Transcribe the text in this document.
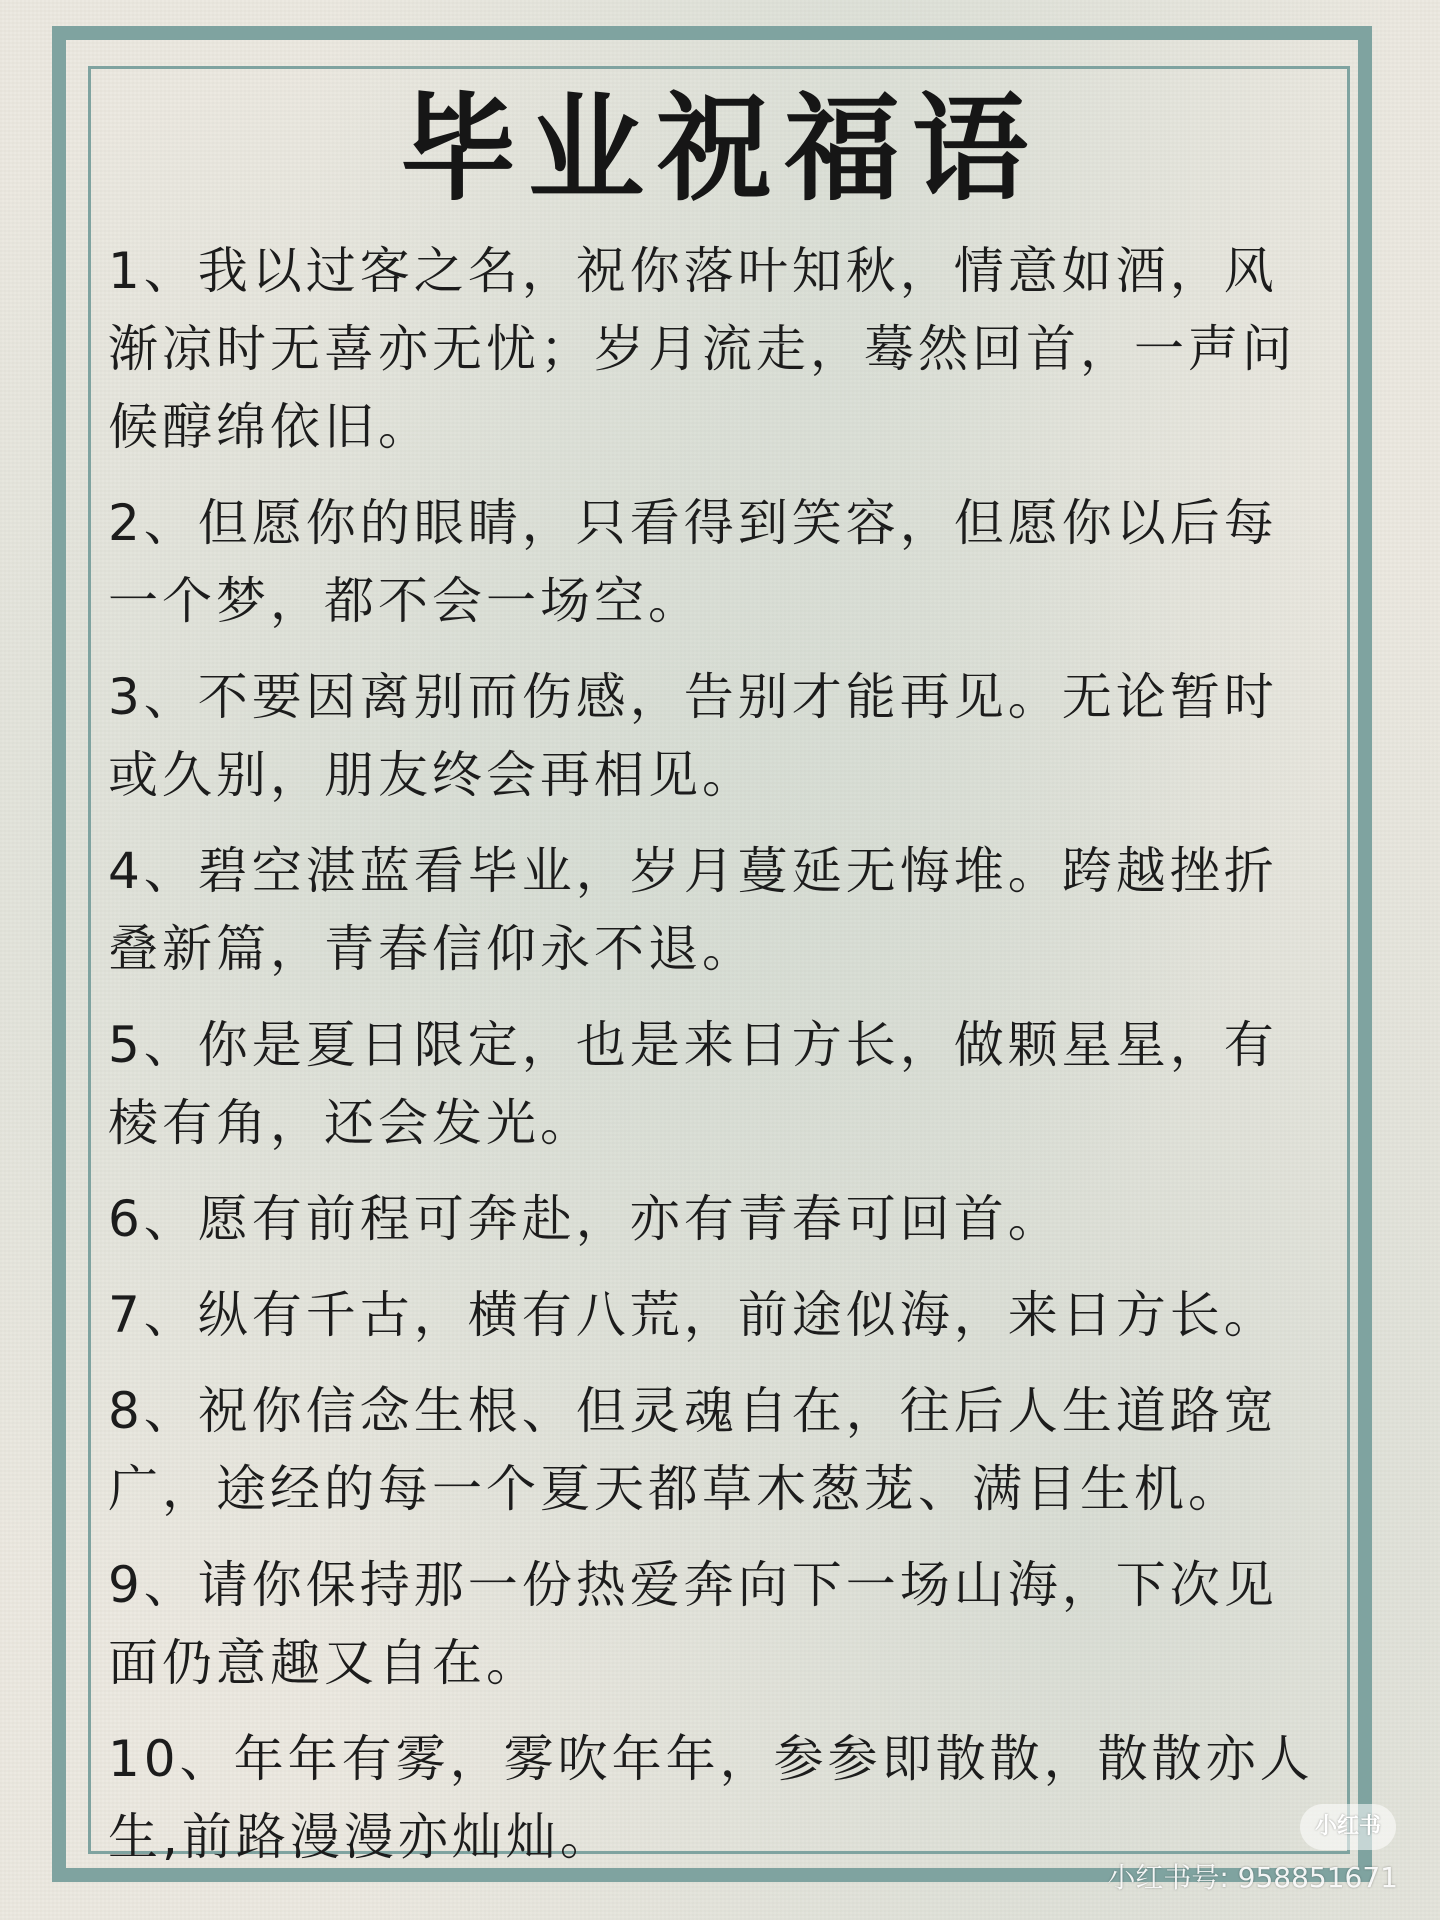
毕业祝福语

1、我以过客之名，祝你落叶知秋，情意如酒，风渐凉时无喜亦无忧；岁月流走，蓦然回首，一声问候醇绵依旧。

2、但愿你的眼睛，只看得到笑容，但愿你以后每一个梦，都不会一场空。

3、不要因离别而伤感，告别才能再见。无论暂时或久别，朋友终会再相见。

4、碧空湛蓝看毕业，岁月蔓延无悔堆。跨越挫折叠新篇，青春信仰永不退。

5、你是夏日限定，也是来日方长，做颗星星，有棱有角，还会发光。

6、愿有前程可奔赴，亦有青春可回首。

7、纵有千古，横有八荒，前途似海，来日方长。

8、祝你信念生根、但灵魂自在，往后人生道路宽广，途经的每一个夏天都草木葱茏、满目生机。

9、请你保持那一份热爱奔向下一场山海，下次见面仍意趣又自在。

10、年年有雾，雾吹年年，参参即散散，散散亦人生,前路漫漫亦灿灿。	小红书
小红书号: 958851671
